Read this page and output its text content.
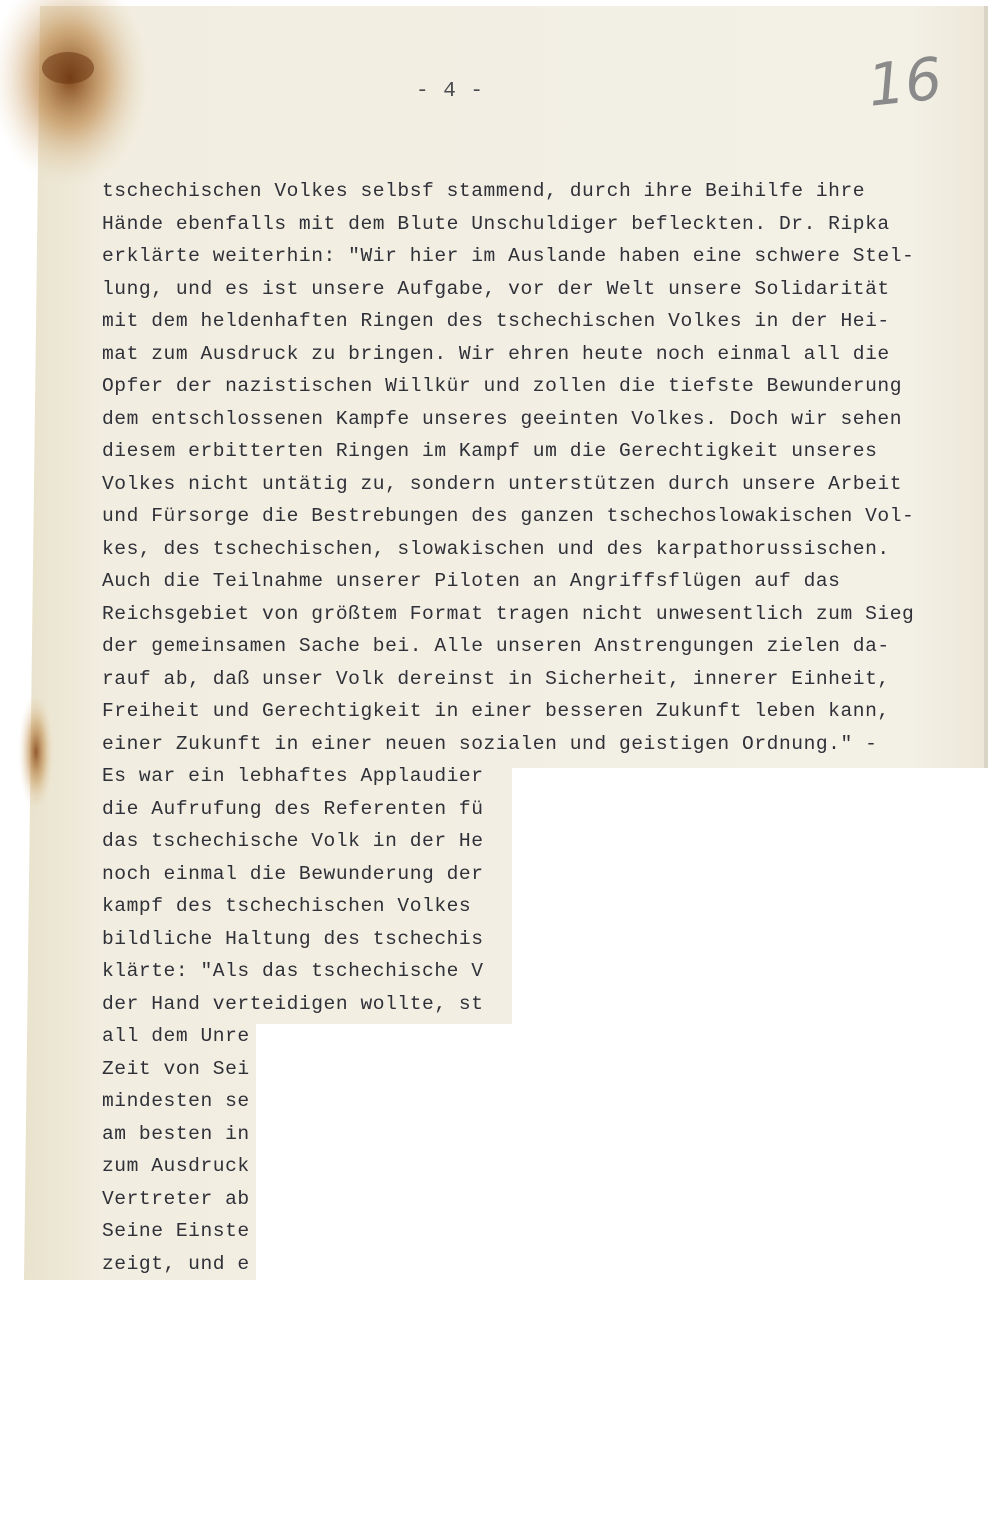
- 4 -	16
tschechischen Volkes selbsf stammend, durch ihre Beihilfe ihre
Hände ebenfalls mit dem Blute Unschuldiger befleckten. Dr. Ripka
erklärte weiterhin: "Wir hier im Auslande haben eine schwere Stel-
lung, und es ist unsere Aufgabe, vor der Welt unsere Solidarität
mit dem heldenhaften Ringen des tschechischen Volkes in der Hei-
mat zum Ausdruck zu bringen. Wir ehren heute noch einmal all die
Opfer der nazistischen Willkür und zollen die tiefste Bewunderung
dem entschlossenen Kampfe unseres geeinten Volkes. Doch wir sehen
diesem erbitterten Ringen im Kampf um die Gerechtigkeit unseres
Volkes nicht untätig zu, sondern unterstützen durch unsere Arbeit
und Fürsorge die Bestrebungen des ganzen tschechoslowakischen Vol-
kes, des tschechischen, slowakischen und des karpathorussischen.
Auch die Teilnahme unserer Piloten an Angriffsflügen auf das
Reichsgebiet von größtem Format tragen nicht unwesentlich zum Sieg
der gemeinsamen Sache bei. Alle unseren Anstrengungen zielen da-
rauf ab, daß unser Volk dereinst in Sicherheit, innerer Einheit,
Freiheit und Gerechtigkeit in einer besseren Zukunft leben kann,
einer Zukunft in einer neuen sozialen und geistigen Ordnung." -
Es war ein lebhaftes Applaudier
die Aufrufung des Referenten fü
das tschechische Volk in der He
noch einmal die Bewunderung der
kampf des tschechischen Volkes
bildliche Haltung des tschechis
klärte: "Als das tschechische V
der Hand verteidigen wollte, st
all dem Unre
Zeit von Sei
mindesten se
am besten in
zum Ausdruck
Vertreter ab
Seine Einste
zeigt, und e
